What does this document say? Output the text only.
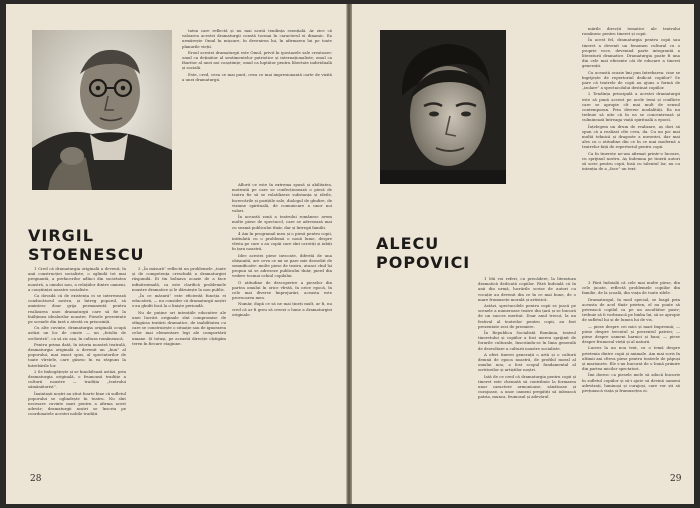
VIRGIL
STOENESCU

1 Cred că dramaturgia originală a devenit, în anii construcției socialiste, o oglindă tot mai pregnantă, a prefacerilor adînci din societatea noastră, a omului nou, a relațiilor dintre oameni, a conștiinței noastre socialiste.

Ca dovadă că de existența ei se interesează conducătorul nostru, și întreg poporul, să amintesc doar grija permanentă pentru realizarea unei dramaturgii care să fie la înălțimea idealurilor noastre. Piesele prezentate pe scenele din țară o atestă cu prisosință.

Cu alte cuvinte, dramaturgia originală ocupă astăzi un loc de cinste — un „fotoliu de orchestră”, ca să zic așa, în cultura românească.

Pentru prima dată, în istoria noastră teatrală, dramaturgia originală a devenit un „bun” al poporului, mai exact spus, al spectatorilor de toate vîrstele, care găsesc în ea răspuns la întrebările lor.

2 Se îmbogățește și se înnobilează astăzi, prin dramaturgia originală, o frumoasă tradiție a culturii noastre — tradiția „teatrului sămănătorist”.

Înaintașii noștri au știut foarte bine că sufletul poporului se oglindește în teatru. Nu sînt necesare cuvinte mari pentru a afirma acest adevăr; dramaturgii noștri se înscriu pe coordonatele acestei nobile tradiții.

3 „În măsură” reflectă un problemele „toate și de competența crescîndă a dramaturgiei răspundă. Ei tin bolnava ocazie de a face infinitezimală, ca este clarifică problemele noastre dramatice și le dăruiește la nou public.

„În ce măsură” este eficientă funcția ei educativă, — nu consider că dramaturgii noștri s-au gîndit încă la o liniște perioadă.

Nu de puține ori intențiile educative ale unei lucrări originale sînt compromise de stîngăcia tratării dramatice, de inabilitatea cu care se construiește o situație sau de ignorarea celor mai elementare legi ale comportării umane. Și totuși, pe această direcție cîștigăm teren în fiecare stagiune.

tatea care reflectă și nu mai acută tendința esențială. Ar zice că valoarea acestei dramaturgii constă tocmai în caracterul ei dinamic. Ea urmărește Omul în mișcare, în devenirea lui, în afirmarea lui pe toate planurile vieții.

Eroul acestei dramaturgii este Omul, privit în ipostazele sale creatoare: omul ca deținător al sentimentelor patriotice și internaționaliste; omul ca făuritor al unei noi conștiințe; omul ca luptător pentru libertate individuală și socială.

Este, cred, ceea ce mai pură, ceea ce mai impresionantă carte de vizită a unei dramaturgii.

Aflorit ce este în extrema spusă și abilitatea, motivată pe care se confecționează o piesă de teatru fie să se volatilizeze substanța și ideile, încercările și pozițiile sale, dialogul de gîndire, de viziune spirituală, de comunicare a unor noi valori.

În această zonă a teatrului românesc avem multe piese de spectacol, care se adresează mai cu seamă publicului tînăr, dar și întregii familii.

4 Am în programul meu și o piesă pentru copii, intitulată cu o problemă o nouă lume, despre vîrsta pe care o au copiii care sînt ocrotiți și iubiți în țara noastră.

Idee acestei piese invocate, diferită de una obișnuită, are ceva ce mi se pare mie deosebit de semnificativ: multe piese de teatru, atunci cînd își propun să se adreseze publicului tînăr, pierd din vedere tocmai ochiul copilului.

O atitudine de descoperire a pieselor din partea omului în orice vîrstă, în orice epocă, în cele mai diverse împrejurări, aceasta este provocarea mea.

Număr, după ce să ne mai țineți mult, ar fi, nu cred că ar fi greu să creezi o lume a dramaturgiei originale.

28
ALECU
POPOVICI

mările direcții tematice ale teatrului românesc pentru tineret și copii.

În acest fel, dramaturgia pentru copii sau tineret a devenit un fenomen cultural cu o proprie voce, devenind parte integrantă a literaturii dramatice. Dramaturgia poate fi una din cele mai eficiente căi de educare a tinerei generații.

Cu această ocazie îmi pun întrebarea: cine se îngrijește de repertoriul dedicat copiilor? Se pare că teatrele de copii au ajuns o formă de „izolare” a spectacolului destinat copiilor.

2 Tendința principală a acestei dramaturgii este să pună accent pe acele temi și conflicte care se apropie cît mai mult de sensul contemporan. Prin diverse modalități. Ea nu trebuie să uite că în ea se concentrează și culminează întreaga viață spirituală a epocii.

Înțelegem un drum de realizare, aș dori să spun că a realizat cîte ceva, da. Cu un pic mai multă tehnică și dragoste a meseriei, dar mai ales cu o atitudine din ce în ce mai modernă a teatrelor față de repertoriul pentru copii.

Ca în tinerețe ne-am afirmat printr-o lucrare, cu sprijinul nostru. Aș îndemna pe tinerii autori să scrie pentru copii, însă cu talentul lor, nu cu intenția de a „face” un text.

1 Mă voi referi, cu precădere, la literatura dramatică dedicată copiilor. Fără îndoială că în anii din urmă, lucrările scrise de autori cu vocație au devenit din ce în ce mai bune, de o mare frumusețe morală și artistică.

Astăzi, spectacolele pentru copii se joacă pe scenele a numeroase teatre din țară și se bucură de un succes meritat. Doar anul trecut, la un festival al teatrelor pentru copii, au fost prezentate zeci de premiere.

În Republica Socialistă România, teatrul tineretului și copiilor a fost mereu sprijinit de forurile culturale, înscriindu-se în linia generală de dezvoltare a culturii noastre socialiste.

A oferi tinerei generații o artă și o cultură demnă de epoca noastră, de profilul moral al omului nou, a fost scopul fundamental al scriitorilor și artiștilor noștri.

Iată de ce cred că dramaturgia pentru copii și tineret este chemată să contribuie la formarea unor caractere armonioase, sănătoase și curajoase, a unor oameni pregătiți să iubească patria, munca, frumosul și adevărul.

3 Fără îndoială că cele mai multe piese, din cele jucate, reflectă problemele copiilor din familie, de la școală, din viața de toate zilele.

Dramaturgul, în mod special, se leagă prin aceasta de acel tînăr prieten, el nu poate să privească copilul ca pe un ascultător pasiv; trebuie să îi vorbească pe limba lui, să se apropie de sufletul lui și de lumea lui de vis.

— piese despre cei mici și mari împreună; — piese despre trecutul și prezentul patriei; — piese despre oameni harnici și buni; — piese despre frumosul vieții și al naturii.

Lucrez la un nou text, cu o temă despre prietenia dintre copii și animale. Am mai scris în ultimii ani cîteva piese pentru teatrele de păpuși și marionete. Ele s-au bucurat de o bună primire din partea micilor spectatori.

Îmi doresc ca piesele mele să aducă bucurie în sufletul copiilor și să-i ajute să devină oameni adevărați, luminoși și curajoși, care vor ști să prețuiască viața și frumusețea ei.

29
